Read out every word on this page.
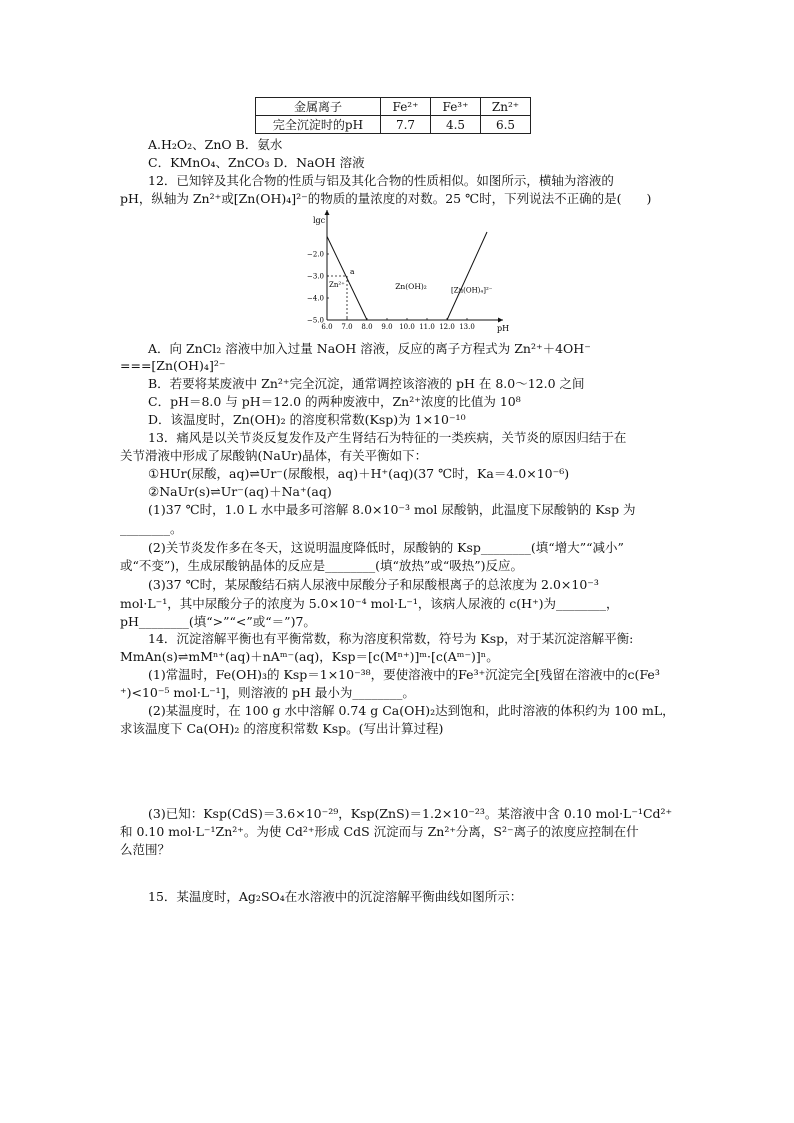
金属离子	Fe²⁺	Fe³⁺	Zn²⁺
完全沉淀时的pH	7.7	4.5	6.5
A.H₂O₂、ZnO B．氨水
C．KMnO₄、ZnCO₃ D．NaOH 溶液
12．已知锌及其化合物的性质与铝及其化合物的性质相似。如图所示，横轴为溶液的
pH，纵轴为 Zn²⁺或[Zn(OH)₄]²⁻的物质的量浓度的对数。25 ℃时，下列说法不正确的是(　　)
lgc
pH
6.0 7.0 8.0 9.0 10.0 11.0 12.0 13.0
−2.0
−3.0
−4.0
−5.0
a
Zn²⁺	Zn(OH)₂	[Zn(OH)₄]²⁻
A．向 ZnCl₂ 溶液中加入过量 NaOH 溶液，反应的离子方程式为 Zn²⁺＋4OH⁻
===[Zn(OH)₄]²⁻
B．若要将某废液中 Zn²⁺完全沉淀，通常调控该溶液的 pH 在 8.0～12.0 之间
C．pH＝8.0 与 pH＝12.0 的两种废液中，Zn²⁺浓度的比值为 10⁸
D．该温度时，Zn(OH)₂ 的溶度积常数(Ksp)为 1×10⁻¹⁰
13．痛风是以关节炎反复发作及产生肾结石为特征的一类疾病，关节炎的原因归结于在
关节滑液中形成了尿酸钠(NaUr)晶体，有关平衡如下：
①HUr(尿酸，aq)⇌Ur⁻(尿酸根，aq)＋H⁺(aq)(37 ℃时，Ka＝4.0×10⁻⁶)
②NaUr(s)⇌Ur⁻(aq)＋Na⁺(aq)
(1)37 ℃时，1.0 L 水中最多可溶解 8.0×10⁻³ mol 尿酸钠，此温度下尿酸钠的 Ksp 为
________。
(2)关节炎发作多在冬天，这说明温度降低时，尿酸钠的 Ksp________(填“增大”“减小”
或“不变”)，生成尿酸钠晶体的反应是________(填“放热”或“吸热”)反应。
(3)37 ℃时，某尿酸结石病人尿液中尿酸分子和尿酸根离子的总浓度为 2.0×10⁻³
mol·L⁻¹，其中尿酸分子的浓度为 5.0×10⁻⁴ mol·L⁻¹，该病人尿液的 c(H⁺)为________，
pH________(填“>”“<”或“＝”)7。
14．沉淀溶解平衡也有平衡常数，称为溶度积常数，符号为 Ksp，对于某沉淀溶解平衡:
MmAn(s)⇌mMⁿ⁺(aq)＋nAᵐ⁻(aq)，Ksp＝[c(Mⁿ⁺)]ᵐ·[c(Aᵐ⁻)]ⁿ。
(1)常温时，Fe(OH)₃的 Ksp＝1×10⁻³⁸，要使溶液中的Fe³⁺沉淀完全[残留在溶液中的c(Fe³
⁺)<10⁻⁵ mol·L⁻¹]，则溶液的 pH 最小为________。
(2)某温度时，在 100 g 水中溶解 0.74 g Ca(OH)₂达到饱和，此时溶液的体积约为 100 mL，
求该温度下 Ca(OH)₂ 的溶度积常数 Ksp。(写出计算过程)
(3)已知：Ksp(CdS)＝3.6×10⁻²⁹，Ksp(ZnS)＝1.2×10⁻²³。某溶液中含 0.10 mol·L⁻¹Cd²⁺
和 0.10 mol·L⁻¹Zn²⁺。为使 Cd²⁺形成 CdS 沉淀而与 Zn²⁺分离，S²⁻离子的浓度应控制在什
么范围？
15．某温度时，Ag₂SO₄在水溶液中的沉淀溶解平衡曲线如图所示：
